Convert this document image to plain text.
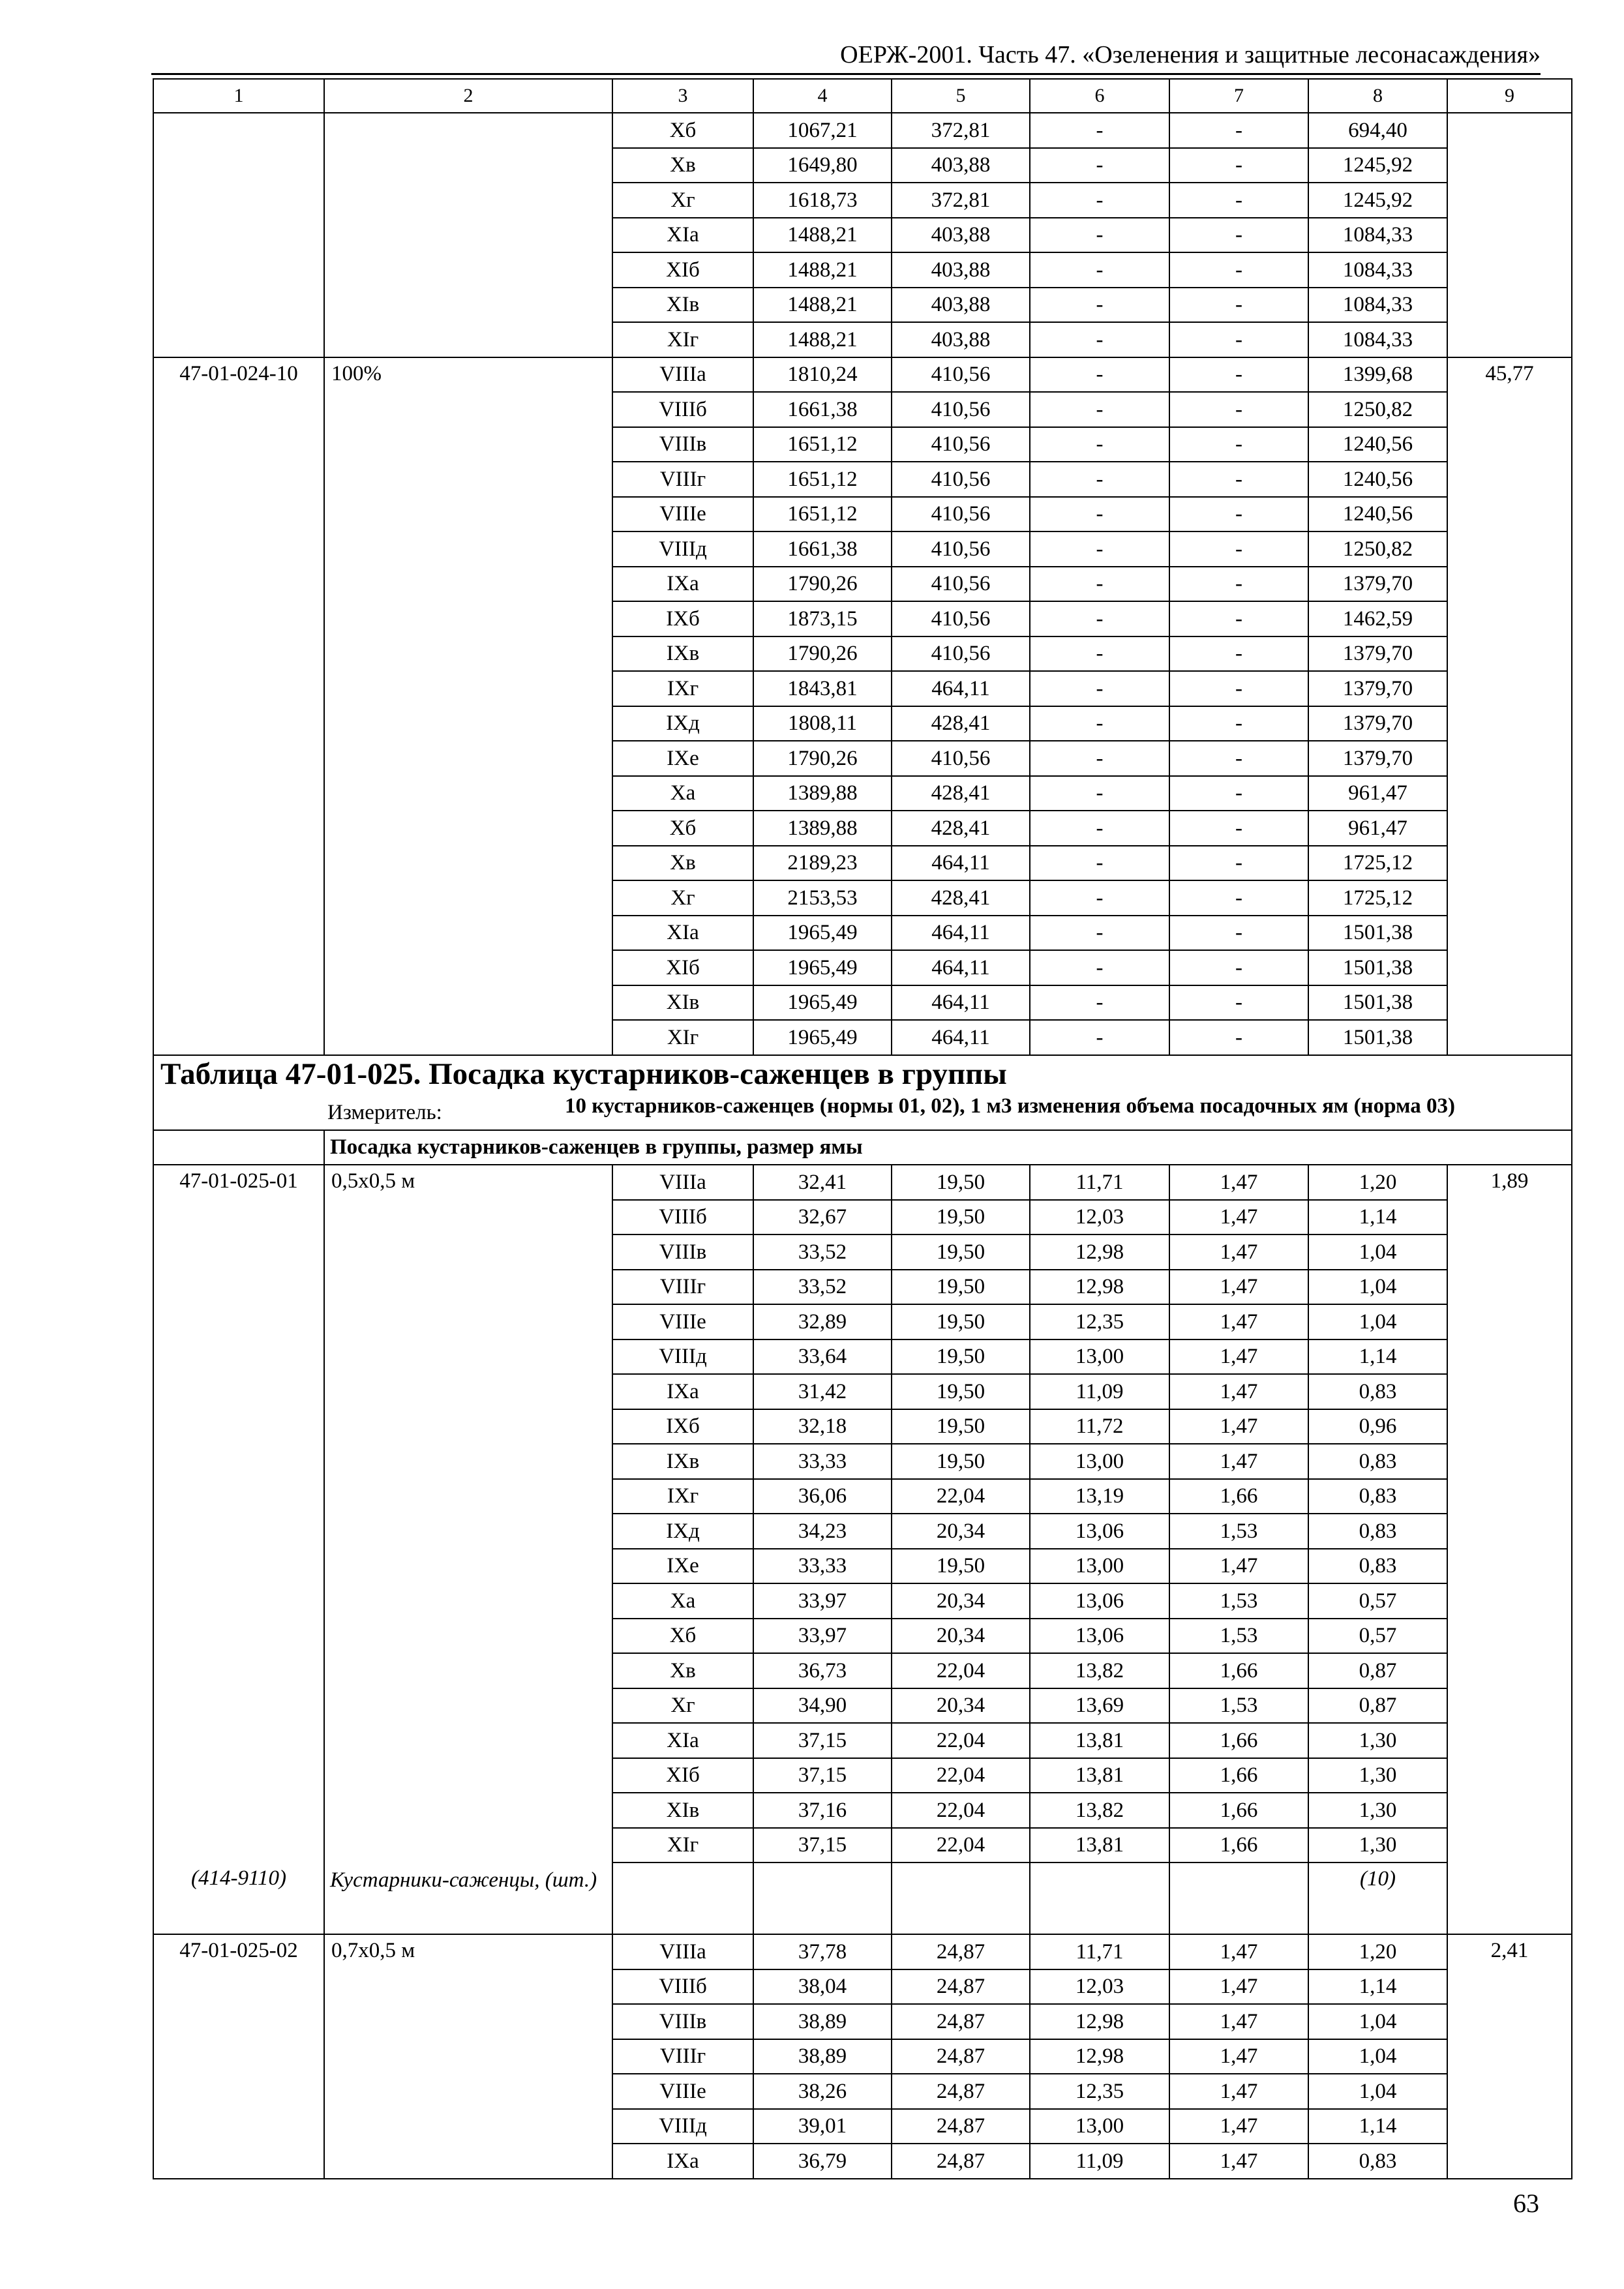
ОЕРЖ-2001. Часть 47. «Озеленения и защитные лесонасаждения»
1	2	3	4	5	6	7	8	9
		Xб	1067,21	372,81	-	-	694,40	
		Xв	1649,80	403,88	-	-	1245,92	
		Xг	1618,73	372,81	-	-	1245,92	
		XIа	1488,21	403,88	-	-	1084,33	
		XIб	1488,21	403,88	-	-	1084,33	
		XIв	1488,21	403,88	-	-	1084,33	
		XIг	1488,21	403,88	-	-	1084,33	
47-01-024-10	100%	VIIIа	1810,24	410,56	-	-	1399,68	45,77
		VIIIб	1661,38	410,56	-	-	1250,82	
		VIIIв	1651,12	410,56	-	-	1240,56	
		VIIIг	1651,12	410,56	-	-	1240,56	
		VIIIе	1651,12	410,56	-	-	1240,56	
		VIIIд	1661,38	410,56	-	-	1250,82	
		IXа	1790,26	410,56	-	-	1379,70	
		IXб	1873,15	410,56	-	-	1462,59	
		IXв	1790,26	410,56	-	-	1379,70	
		IXг	1843,81	464,11	-	-	1379,70	
		IXд	1808,11	428,41	-	-	1379,70	
		IXе	1790,26	410,56	-	-	1379,70	
		Xа	1389,88	428,41	-	-	961,47	
		Xб	1389,88	428,41	-	-	961,47	
		Xв	2189,23	464,11	-	-	1725,12	
		Xг	2153,53	428,41	-	-	1725,12	
		XIа	1965,49	464,11	-	-	1501,38	
		XIб	1965,49	464,11	-	-	1501,38	
		XIв	1965,49	464,11	-	-	1501,38	
		XIг	1965,49	464,11	-	-	1501,38	
Таблица 47-01-025. Посадка кустарников-саженцев в группы								

Измеритель: 10 кустарников-саженцев (нормы 01, 02), 1 м3 изменения объема посадочных ям (норма 03)								

	Посадка кустарников-саженцев в группы, размер ямы							
47-01-025-01	0,5х0,5 м	VIIIа	32,41	19,50	11,71	1,47	1,20	1,89
		VIIIб	32,67	19,50	12,03	1,47	1,14	
		VIIIв	33,52	19,50	12,98	1,47	1,04	
		VIIIг	33,52	19,50	12,98	1,47	1,04	
		VIIIе	32,89	19,50	12,35	1,47	1,04	
		VIIIд	33,64	19,50	13,00	1,47	1,14	
		IXа	31,42	19,50	11,09	1,47	0,83	
		IXб	32,18	19,50	11,72	1,47	0,96	
		IXв	33,33	19,50	13,00	1,47	0,83	
		IXг	36,06	22,04	13,19	1,66	0,83	
		IXд	34,23	20,34	13,06	1,53	0,83	
		IXе	33,33	19,50	13,00	1,47	0,83	
		Xа	33,97	20,34	13,06	1,53	0,57	
		Xб	33,97	20,34	13,06	1,53	0,57	
		Xв	36,73	22,04	13,82	1,66	0,87	
		Xг	34,90	20,34	13,69	1,53	0,87	
		XIа	37,15	22,04	13,81	1,66	1,30	
		XIб	37,15	22,04	13,81	1,66	1,30	
		XIв	37,16	22,04	13,82	1,66	1,30	
		XIг	37,15	22,04	13,81	1,66	1,30	
(414-9110)	Кустарники-саженцы, (шт.)						(10)	
47-01-025-02	0,7х0,5 м	VIIIа	37,78	24,87	11,71	1,47	1,20	2,41
		VIIIб	38,04	24,87	12,03	1,47	1,14	
		VIIIв	38,89	24,87	12,98	1,47	1,04	
		VIIIг	38,89	24,87	12,98	1,47	1,04	
		VIIIе	38,26	24,87	12,35	1,47	1,04	
		VIIIд	39,01	24,87	13,00	1,47	1,14	
		IXа	36,79	24,87	11,09	1,47	0,83	
63
